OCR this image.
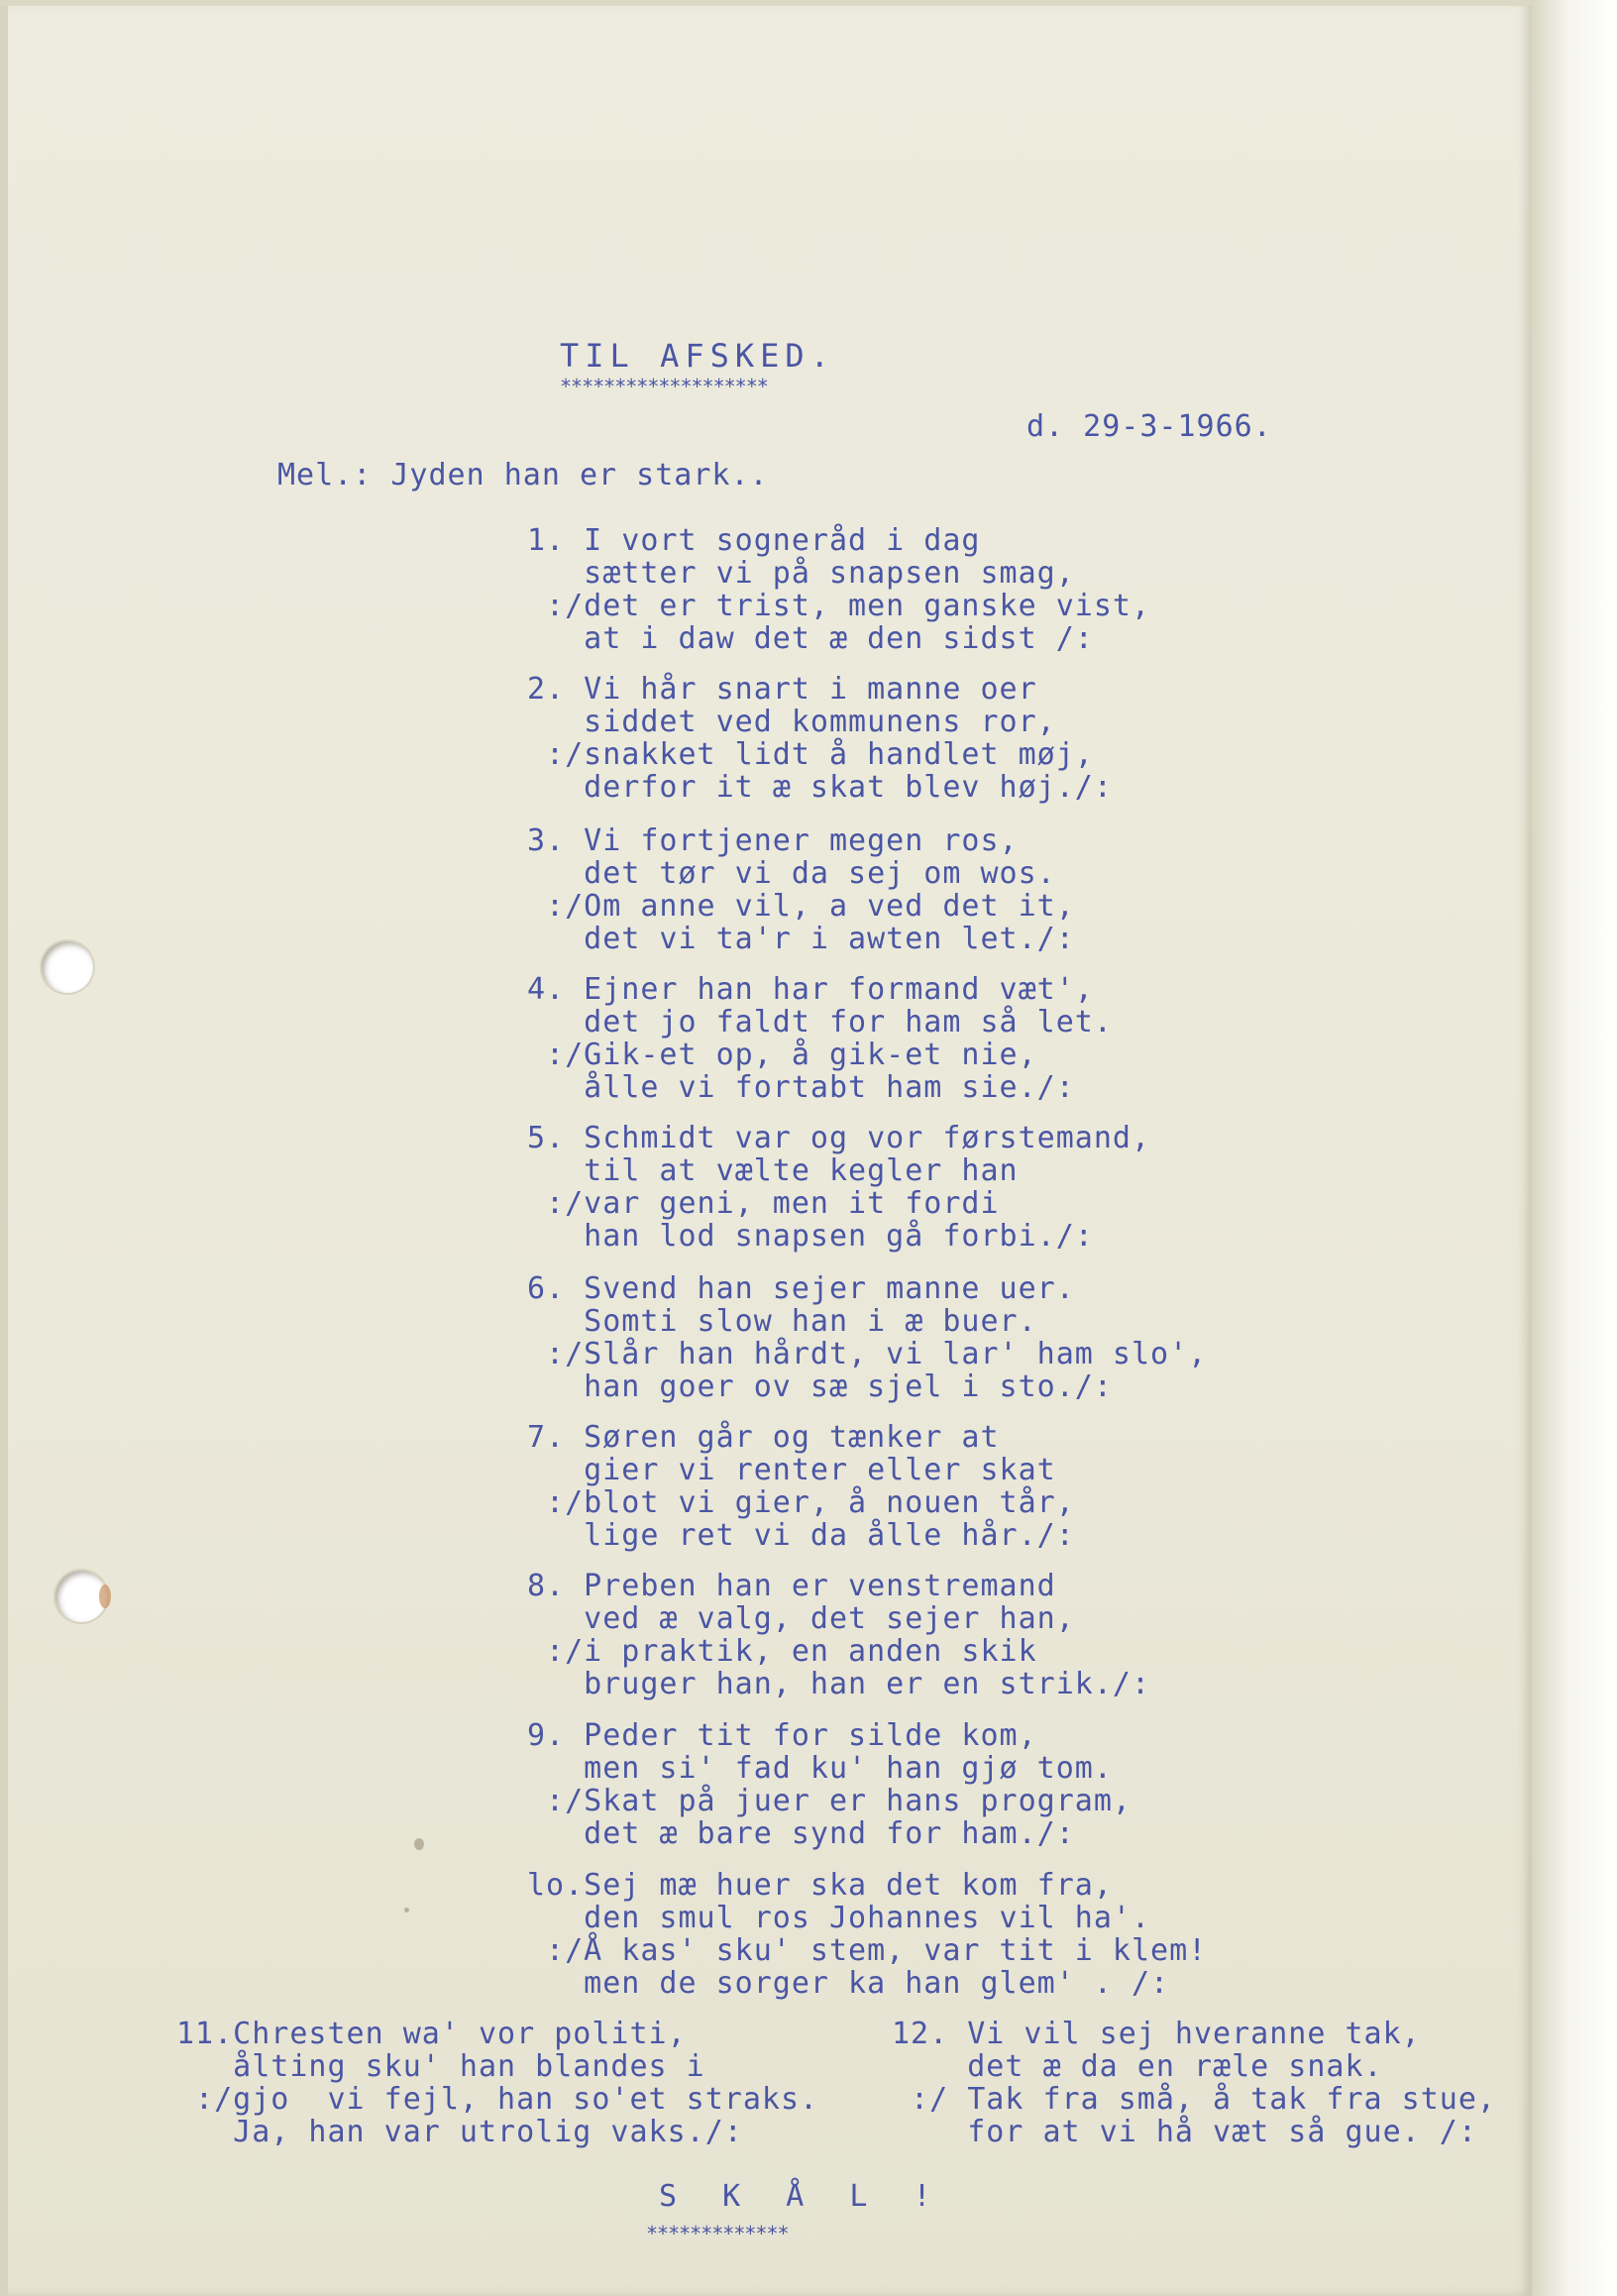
TIL AFSKED.
*******************
d. 29-3-1966.
Mel.: Jyden han er stark..
1. I vort sogneråd i dag
sætter vi på snapsen smag,
:/det er trist, men ganske vist,
at i daw det æ den sidst /:
2. Vi hår snart i manne oer
siddet ved kommunens ror,
:/snakket lidt å handlet møj,
derfor it æ skat blev høj./:
3. Vi fortjener megen ros,
det tør vi da sej om wos.
:/Om anne vil, a ved det it,
det vi ta'r i awten let./:
4. Ejner han har formand væt',
det jo faldt for ham så let.
:/Gik-et op, å gik-et nie,
ålle vi fortabt ham sie./:
5. Schmidt var og vor førstemand,
til at vælte kegler han
:/var geni, men it fordi
han lod snapsen gå forbi./:
6. Svend han sejer manne uer.
Somti slow han i æ buer.
:/Slår han hårdt, vi lar' ham slo',
han goer ov sæ sjel i sto./:
7. Søren går og tænker at
gier vi renter eller skat
:/blot vi gier, å nouen tår,
lige ret vi da ålle hår./:
8. Preben han er venstremand
ved æ valg, det sejer han,
:/i praktik, en anden skik
bruger han, han er en strik./:
9. Peder tit for silde kom,
men si' fad ku' han gjø tom.
:/Skat på juer er hans program,
det æ bare synd for ham./:
lo.Sej mæ huer ska det kom fra,
den smul ros Johannes vil ha'.
:/Å kas' sku' stem, var tit i klem!
men de sorger ka han glem' . /:
11.Chresten wa' vor politi,
ålting sku' han blandes i
:/gjo  vi fejl, han so'et straks.
Ja, han var utrolig vaks./:
12. Vi vil sej hveranne tak,
det æ da en ræle snak.
:/ Tak fra små, å tak fra stue,
for at vi hå væt så gue. /:
S K Å L !
*************
